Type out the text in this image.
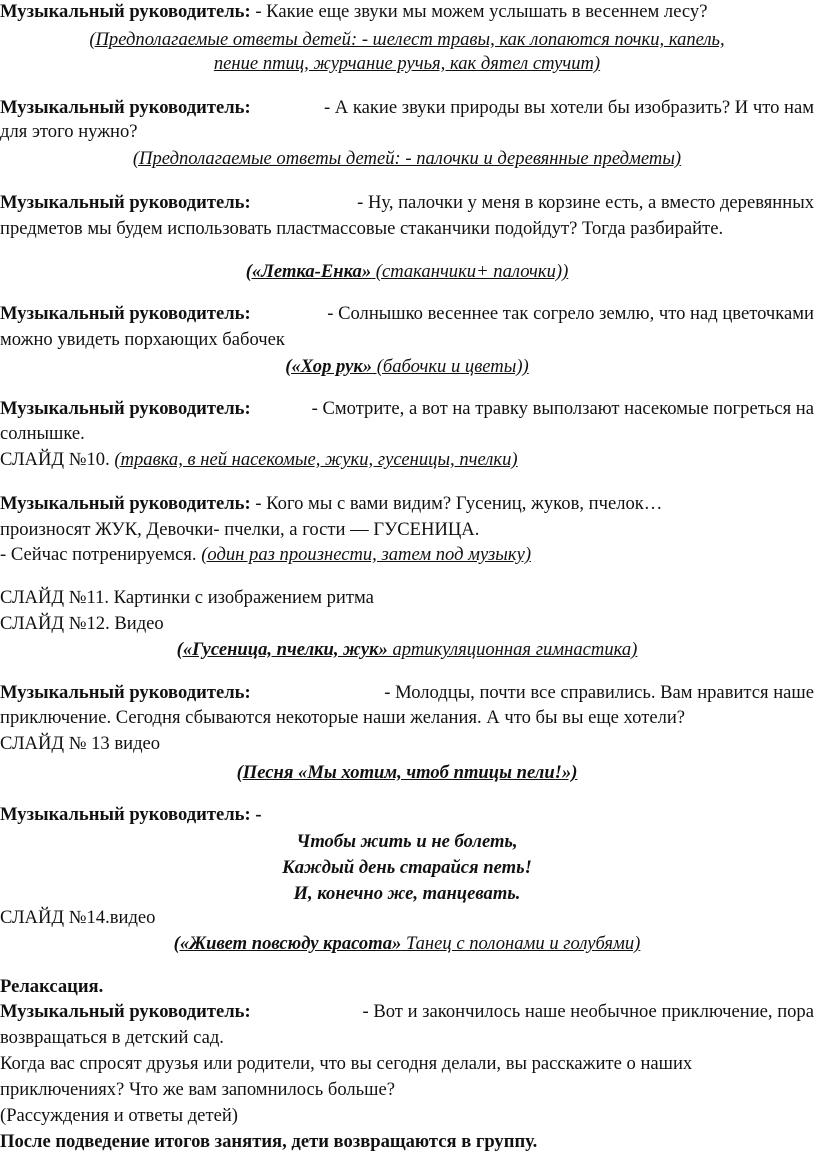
Музыкальный руководитель: - Какие еще звуки мы можем услышать в весеннем лесу?
(Предполагаемые ответы детей: - шелест травы, как лопаются почки, капель,
пение птиц, журчание ручья, как дятел стучит)
Музыкальный руководитель:	- А какие звуки природы вы хотели бы изобразить? И что нам
для этого нужно?
(Предполагаемые ответы детей: - палочки и деревянные предметы)
Музыкальный руководитель:	- Ну, палочки у меня в корзине есть, а вместо деревянных
предметов мы будем использовать пластмассовые стаканчики подойдут? Тогда разбирайте.
(«Летка-Енка» (стаканчики+ палочки))
Музыкальный руководитель:	- Солнышко весеннее так согрело землю, что над цветочками
можно увидеть порхающих бабочек
(«Хор рук» (бабочки и цветы))
Музыкальный руководитель:	- Смотрите, а вот на травку выползают насекомые погреться на
солнышке.
СЛАЙД №10. (травка, в ней насекомые, жуки, гусеницы, пчелки)
Музыкальный руководитель: - Кого мы с вами видим? Гусениц, жуков, пчелок…
произносят ЖУК, Девочки- пчелки, а гости — ГУСЕНИЦА.
- Сейчас потренируемся. (один раз произнести, затем под музыку)
СЛАЙД №11. Картинки с изображением ритма
СЛАЙД №12. Видео
(«Гусеница, пчелки, жук» артикуляционная гимнастика)
Музыкальный руководитель:	- Молодцы, почти все справились. Вам нравится наше
приключение. Сегодня сбываются некоторые наши желания. А что бы вы еще хотели?
СЛАЙД № 13 видео
(Песня «Мы хотим, чтоб птицы пели!»)
Музыкальный руководитель: -
Чтобы жить и не болеть,
Каждый день старайся петь!
И, конечно же, танцевать.
СЛАЙД №14.видео
(«Живет повсюду красота» Танец с полонами и голубями)
Релаксация.
Музыкальный руководитель:	- Вот и закончилось наше необычное приключение, пора
возвращаться в детский сад.
Когда вас спросят друзья или родители, что вы сегодня делали, вы расскажите о наших
приключениях? Что же вам запомнилось больше?
(Рассуждения и ответы детей)
После подведение итогов занятия, дети возвращаются в группу.
